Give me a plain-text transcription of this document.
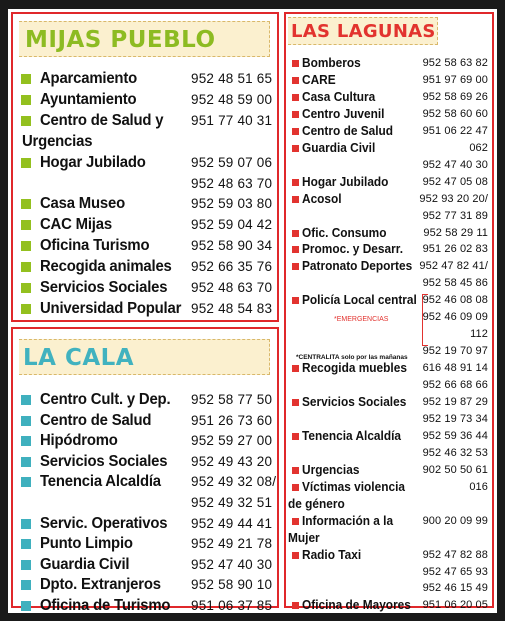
MIJAS PUEBLO
Aparcamiento	952 48 51 65
Ayuntamiento	952 48 59 00
Centro de Salud y 951 77 40 31
Urgencias
Hogar Jubilado	952 59 07 06
952 48 63 70
Casa Museo	952 59 03 80
CAC Mijas	952 59 04 42
Oficina Turismo	952 58 90 34
Recogida animales 952 66 35 76
Servicios Sociales 952 48 63 70
Universidad Popular 952 48 54 83
LA CALA
Centro Cult. y Dep. 952 58 77 50
Centro de Salud	951 26 73 60
Hipódromo	952 59 27 00
Servicios Sociales 952 49 43 20
Tenencia Alcaldía 952 49 32 08/
952 49 32 51
Servic. Operativos 952 49 44 41
Punto Limpio	952 49 21 78
Guardia Civil	952 47 40 30
Dpto. Extranjeros 952 58 90 10
Oficina de Turismo 951 06 37 85
LAS LAGUNAS
Bomberos	952 58 63 82
CARE	951 97 69 00
Casa Cultura	952 58 69 26
Centro Juvenil	952 58 60 60
Centro de Salud	951 06 22 47
Guardia Civil	062
952 47 40 30
Hogar Jubilado	952 47 05 08
Acosol	952 93 20 20/
952 77 31 89
Ofic. Consumo	952 58 29 11
Promoc. y Desarr. 951 26 02 83
Patronato Deportes 952 47 82 41/
952 58 45 86
Policía Local central 952 46 08 08
952 46 09 09
112
952 19 70 97
Recogida muebles 616 48 91 14
952 66 68 66
Servicios Sociales 952 19 87 29
952 19 73 34
Tenencia Alcaldía 952 59 36 44
952 46 32 53
Urgencias	902 50 50 61
Víctimas violencia	016
de género
Información a la	900 20 09 99
Mujer
Radio Taxi	952 47 82 88
952 47 65 93
952 46 15 49
Oficina de Mayores 951 06 20 05
*EMERGENCIAS
*CENTRALITA solo por las mañanas
